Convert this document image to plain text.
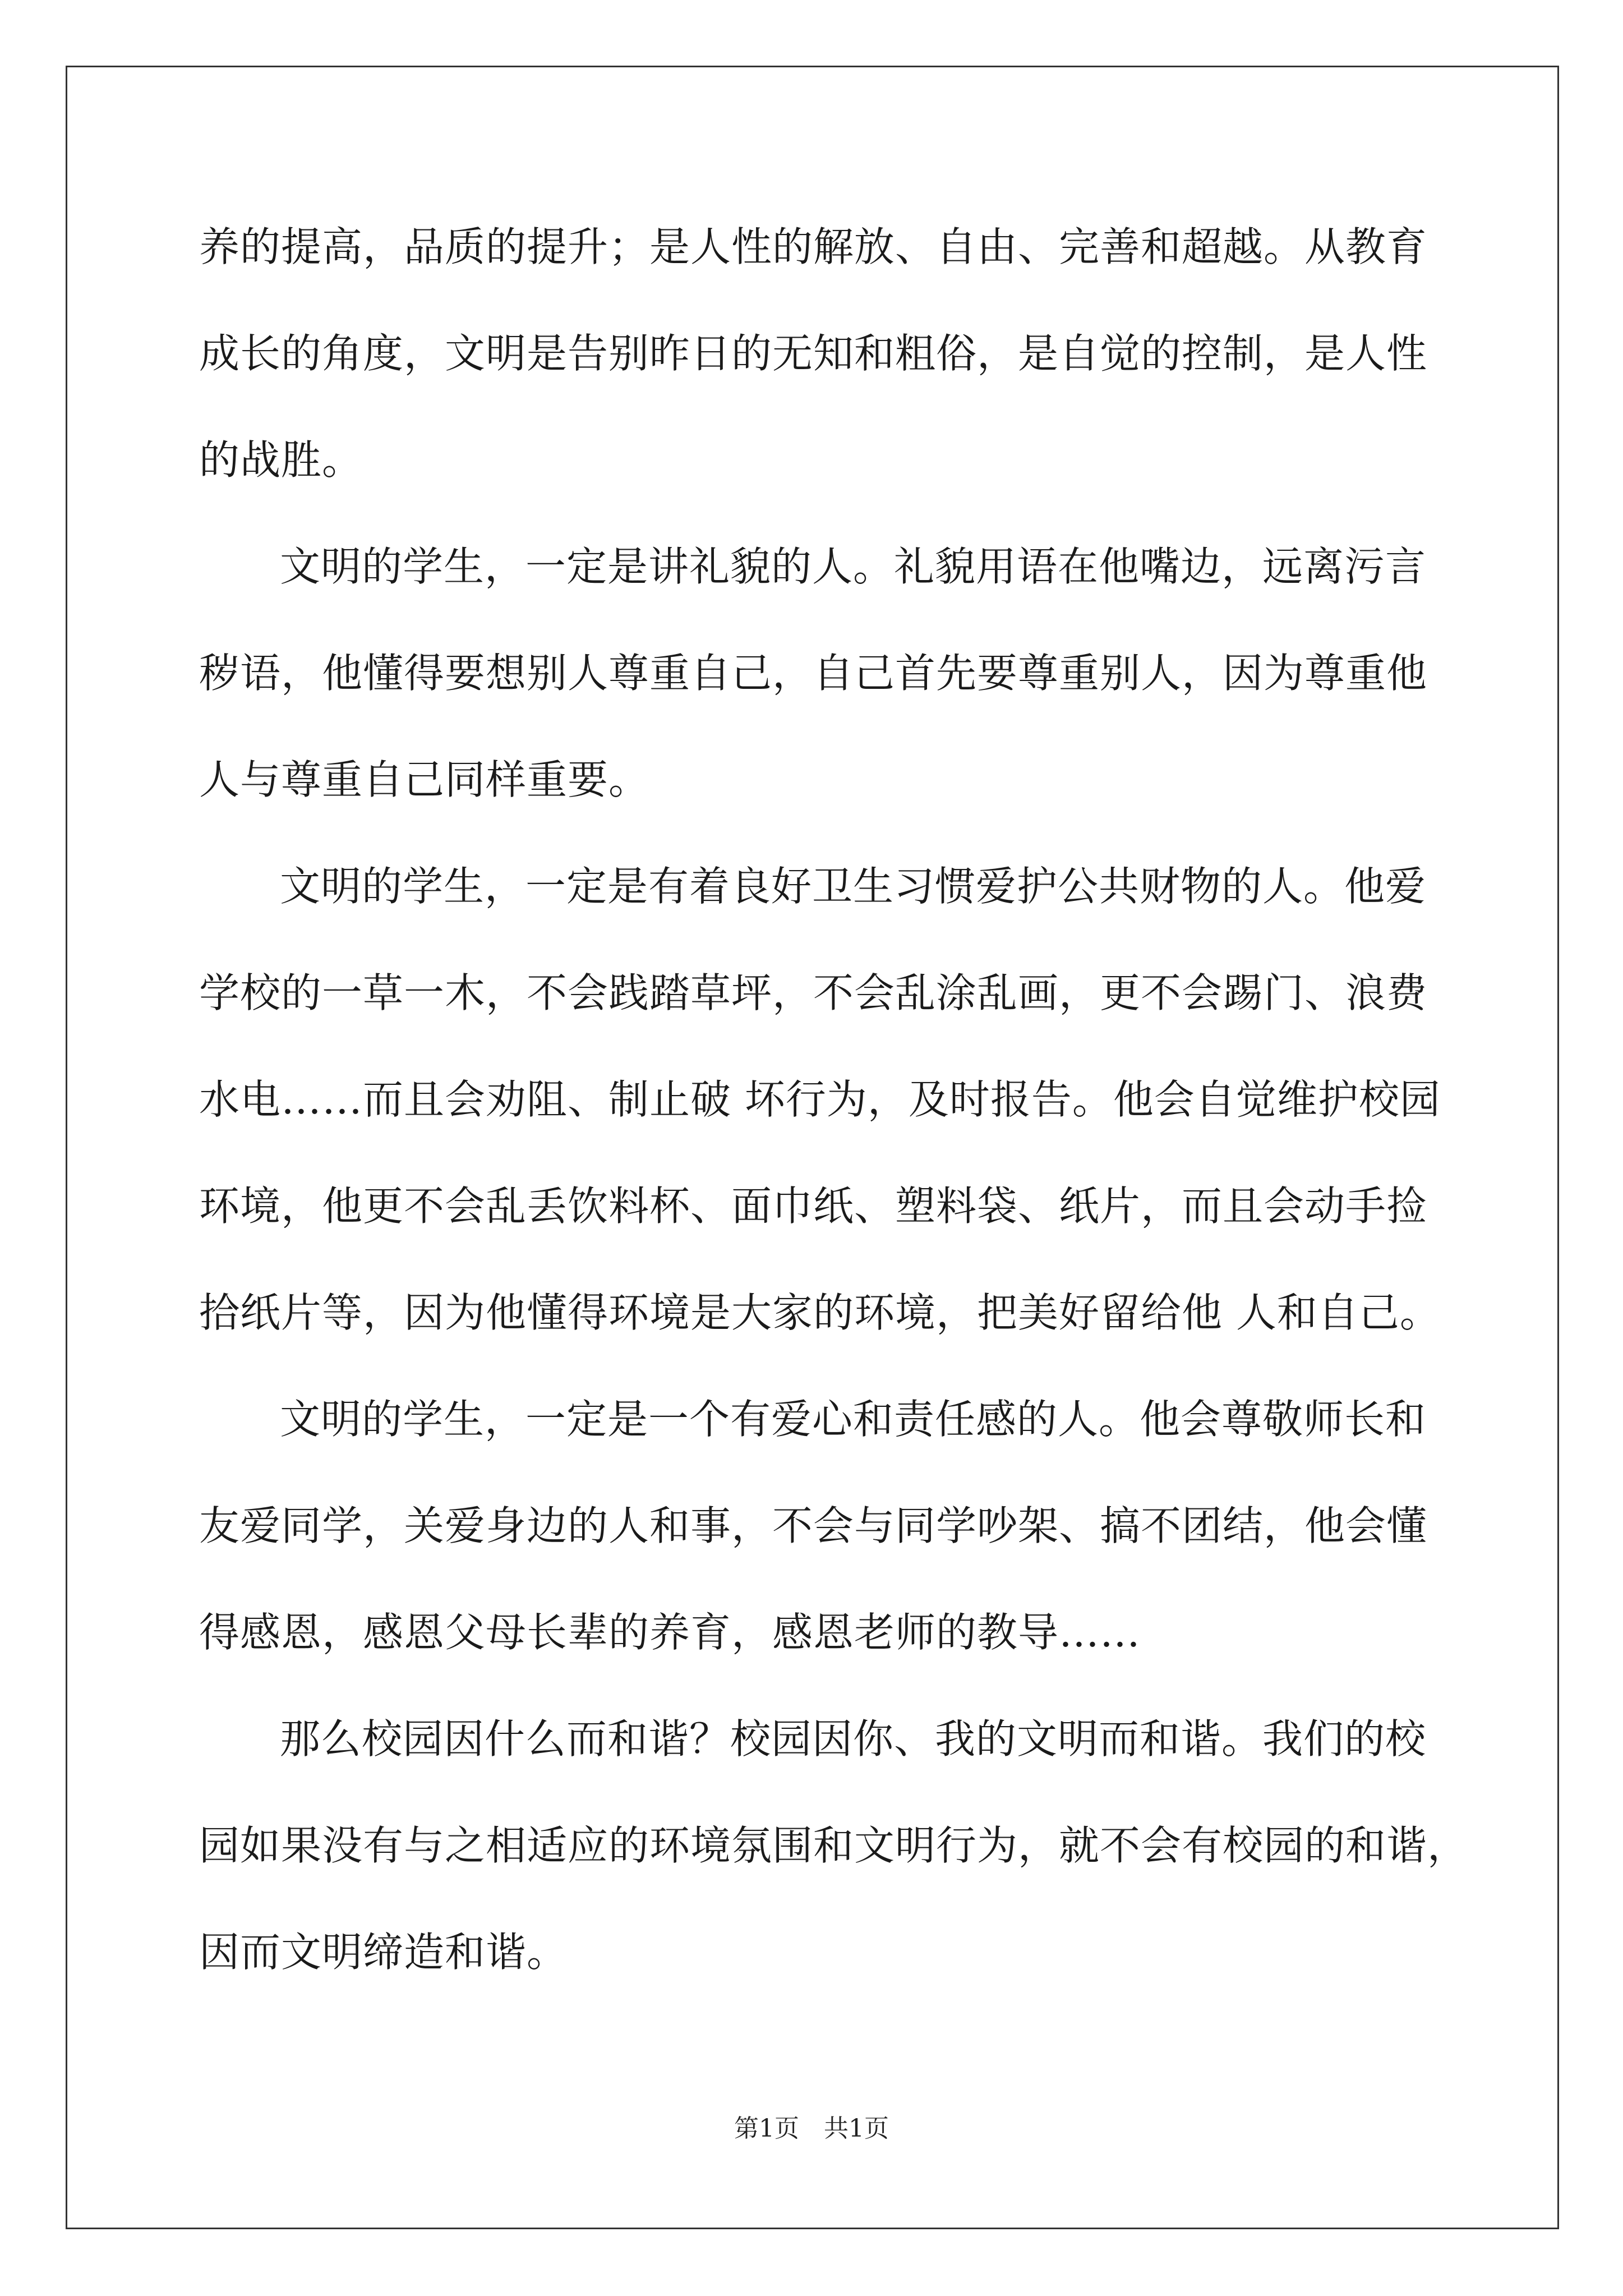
养的提高，品质的提升；是人性的解放、自由、完善和超越。从教育
成长的角度，文明是告别昨日的无知和粗俗，是自觉的控制，是人性
的战胜。
文明的学生，一定是讲礼貌的人。礼貌用语在他嘴边，远离污言
秽语，他懂得要想别人尊重自己，自己首先要尊重别人，因为尊重他
人与尊重自己同样重要。
文明的学生，一定是有着良好卫生习惯爱护公共财物的人。他爱
学校的一草一木，不会践踏草坪，不会乱涂乱画，更不会踢门、浪费
水电……而且会劝阻、制止破 坏行为，及时报告。他会自觉维护校园
环境，他更不会乱丢饮料杯、面巾纸、塑料袋、纸片，而且会动手捡
拾纸片等，因为他懂得环境是大家的环境，把美好留给他 人和自己。
文明的学生，一定是一个有爱心和责任感的人。他会尊敬师长和
友爱同学，关爱身边的人和事，不会与同学吵架、搞不团结，他会懂
得感恩，感恩父母长辈的养育，感恩老师的教导……
那么校园因什么而和谐？校园因你、我的文明而和谐。我们的校
园如果没有与之相适应的环境氛围和文明行为，就不会有校园的和谐，
因而文明缔造和谐。
第1页　共1页
